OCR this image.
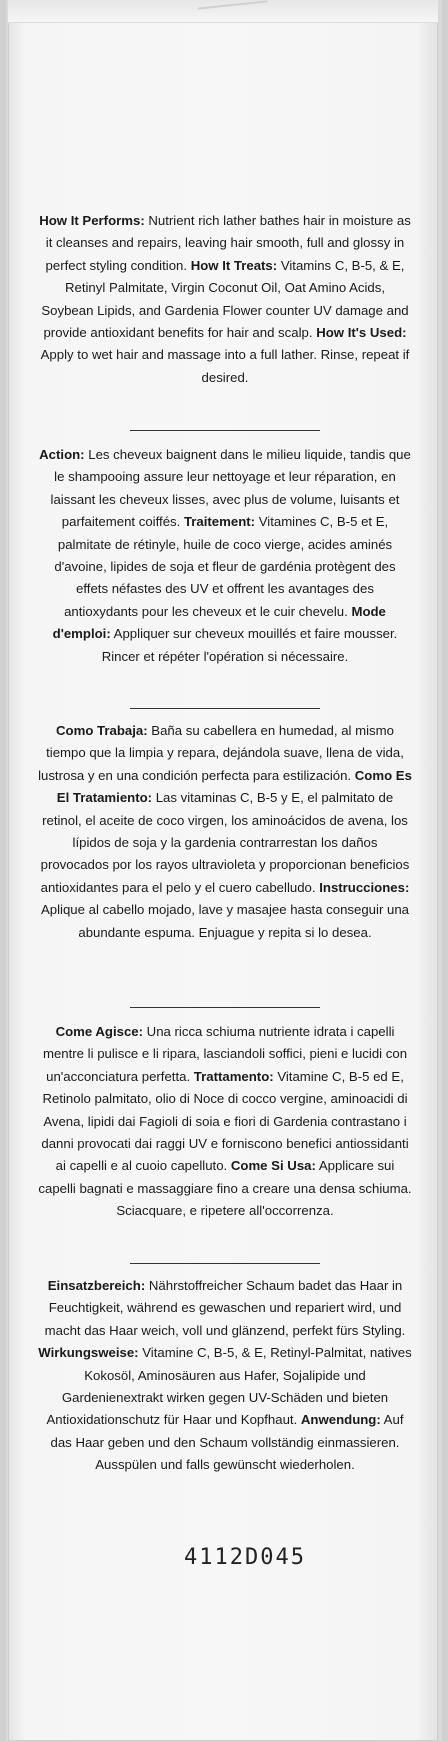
How It Performs: Nutrient rich lather bathes hair in moisture as it cleanses and repairs, leaving hair smooth, full and glossy in perfect styling condition. How It Treats: Vitamins C, B-5, & E, Retinyl Palmitate, Virgin Coconut Oil, Oat Amino Acids, Soybean Lipids, and Gardenia Flower counter UV damage and provide antioxidant benefits for hair and scalp. How It's Used: Apply to wet hair and massage into a full lather. Rinse, repeat if desired.
Action: Les cheveux baignent dans le milieu liquide, tandis que le shampooing assure leur nettoyage et leur réparation, en laissant les cheveux lisses, avec plus de volume, luisants et parfaitement coiffés. Traitement: Vitamines C, B-5 et E, palmitate de rétinyle, huile de coco vierge, acides aminés d'avoine, lipides de soja et fleur de gardénia protègent des effets néfastes des UV et offrent les avantages des antioxydants pour les cheveux et le cuir chevelu. Mode d'emploi: Appliquer sur cheveux mouillés et faire mousser. Rincer et répéter l'opération si nécessaire.
Como Trabaja: Baña su cabellera en humedad, al mismo tiempo que la limpia y repara, dejándola suave, llena de vida, lustrosa y en una condición perfecta para estilización. Como Es El Tratamiento: Las vitaminas C, B-5 y E, el palmitato de retinol, el aceite de coco virgen, los aminoácidos de avena, los lípidos de soja y la gardenia contrarrestan los daños provocados por los rayos ultravioleta y proporcionan beneficios antioxidantes para el pelo y el cuero cabelludo. Instrucciones: Aplique al cabello mojado, lave y masajee hasta conseguir una abundante espuma. Enjuague y repita si lo desea.
Come Agisce: Una ricca schiuma nutriente idrata i capelli mentre li pulisce e li ripara, lasciandoli soffici, pieni e lucidi con un'acconciatura perfetta. Trattamento: Vitamine C, B-5 ed E, Retinolo palmitato, olio di Noce di cocco vergine, aminoacidi di Avena, lipidi dai Fagioli di soia e fiori di Gardenia contrastano i danni provocati dai raggi UV e forniscono benefici antiossidanti ai capelli e al cuoio capelluto. Come Si Usa: Applicare sui capelli bagnati e massaggiare fino a creare una densa schiuma. Sciacquare, e ripetere all'occorrenza.
Einsatzbereich: Nährstoffreicher Schaum badet das Haar in Feuchtigkeit, während es gewaschen und repariert wird, und macht das Haar weich, voll und glänzend, perfekt fürs Styling. Wirkungsweise: Vitamine C, B-5, & E, Retinyl-Palmitat, natives Kokosöl, Aminosäuren aus Hafer, Sojalipide und Gardenienextrakt wirken gegen UV-Schäden und bieten Antioxidationschutz für Haar und Kopfhaut. Anwendung: Auf das Haar geben und den Schaum vollständig einmassieren. Ausspülen und falls gewünscht wiederholen.
4112D045
